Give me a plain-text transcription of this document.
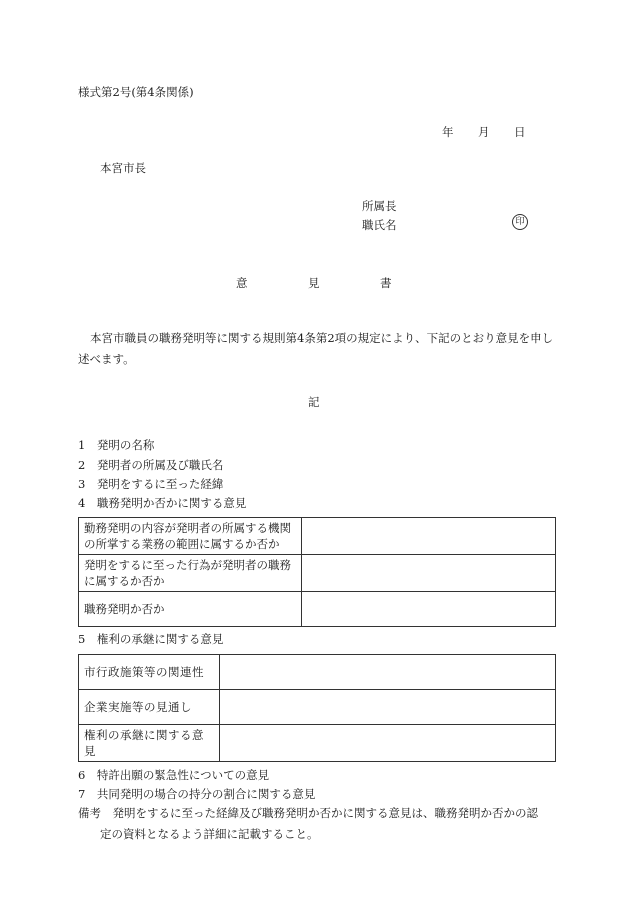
様式第2号(第4条関係)
年 月 日
本宮市長
所属長
職氏名	印
意	見	書
本宮市職員の職務発明等に関する規則第4条第2項の規定により、下記のとおり意見を申し述べます。
記
1　発明の名称
2　発明者の所属及び職氏名
3　発明をするに至った経緯
4　職務発明か否かに関する意見
勤務発明の内容が発明者の所属する機関
の所掌する業務の範囲に属するか否か	
発明をするに至った行為が発明者の職務
に属するか否か	
職務発明か否か	
5　権利の承継に関する意見
市行政施策等の関連性	
企業実施等の見通し	
権利の承継に関する意見	
6　特許出願の緊急性についての意見
7　共同発明の場合の持分の割合に関する意見
備考　発明をするに至った経緯及び職務発明か否かに関する意見は、職務発明か否かの認
定の資料となるよう詳細に記載すること。
